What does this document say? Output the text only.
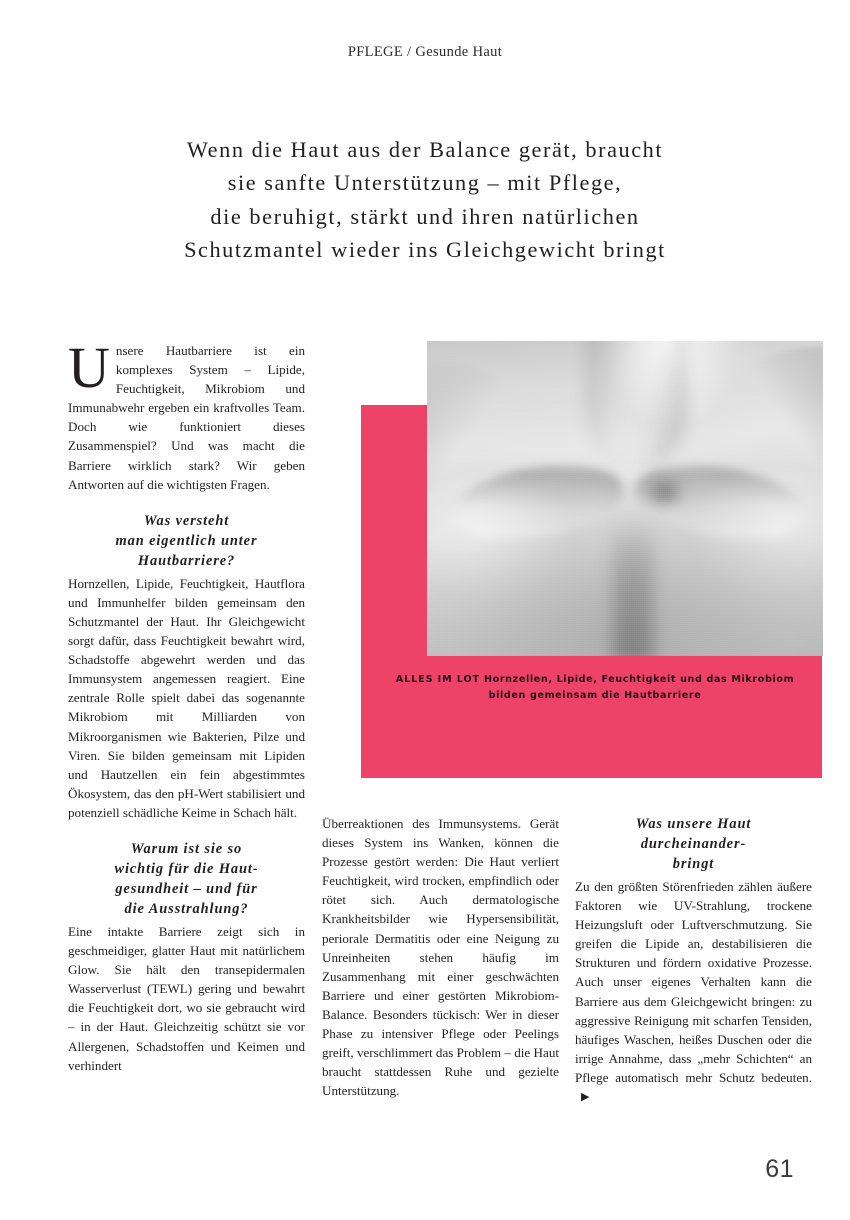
PFLEGE / Gesunde Haut
Wenn die Haut aus der Balance gerät, braucht
sie sanfte Unterstützung – mit Pflege,
die beruhigt, stärkt und ihren natürlichen
Schutzmantel wieder ins Gleichgewicht bringt
ALLES IM LOT Hornzellen, Lipide, Feuchtigkeit und das Mikrobiom bilden gemeinsam die Hautbarriere

Unsere Hautbarriere ist ein komplexes System – Lipide, Feuchtigkeit, Mikrobiom und Immunabwehr ergeben ein kraftvolles Team. Doch wie funktioniert dieses Zusammenspiel? Und was macht die Barriere wirklich stark? Wir geben Antworten auf die wichtigsten Fragen.

Was versteht
man eigentlich unter
Hautbarriere?

Hornzellen, Lipide, Feuchtigkeit, Hautflora und Immunhelfer bilden gemeinsam den Schutzmantel der Haut. Ihr Gleichgewicht sorgt dafür, dass Feuchtigkeit bewahrt wird, Schadstoffe abgewehrt werden und das Immunsystem angemessen reagiert. Eine zentrale Rolle spielt dabei das sogenannte Mikrobiom mit Milliarden von Mikroorganismen wie Bakterien, Pilze und Viren. Sie bilden gemeinsam mit Lipiden und Hautzellen ein fein abgestimmtes Ökosystem, das den pH-Wert stabilisiert und potenziell schädliche Keime in Schach hält.

Warum ist sie so
wichtig für die Haut-
gesundheit – und für
die Ausstrahlung?

Eine intakte Barriere zeigt sich in geschmeidiger, glatter Haut mit natürlichem Glow. Sie hält den transepidermalen Wasserverlust (TEWL) gering und bewahrt die Feuchtigkeit dort, wo sie gebraucht wird – in der Haut. Gleichzeitig schützt sie vor Allergenen, Schadstoffen und Keimen und verhindert

Überreaktionen des Immunsystems. Gerät dieses System ins Wanken, können die Prozesse gestört werden: Die Haut verliert Feuchtigkeit, wird trocken, empfindlich oder rötet sich. Auch dermatologische Krankheitsbilder wie Hypersensibilität, periorale Dermatitis oder eine Neigung zu Unreinheiten stehen häufig im Zusammenhang mit einer geschwächten Barriere und einer gestörten Mikrobiom-Balance. Besonders tückisch: Wer in dieser Phase zu intensiver Pflege oder Peelings greift, verschlimmert das Problem – die Haut braucht stattdessen Ruhe und gezielte Unterstützung.

Was unsere Haut
durcheinander-
bringt

Zu den größten Störenfrieden zählen äußere Faktoren wie UV-Strahlung, trockene Heizungsluft oder Luftverschmutzung. Sie greifen die Lipide an, destabilisieren die Strukturen und fördern oxidative Prozesse. Auch unser eigenes Verhalten kann die Barriere aus dem Gleichgewicht bringen: zu aggressive Reinigung mit scharfen Tensiden, häufiges Waschen, heißes Duschen oder die irrige Annahme, dass „mehr Schichten“ an Pflege automatisch mehr Schutz bedeuten.▶

61
